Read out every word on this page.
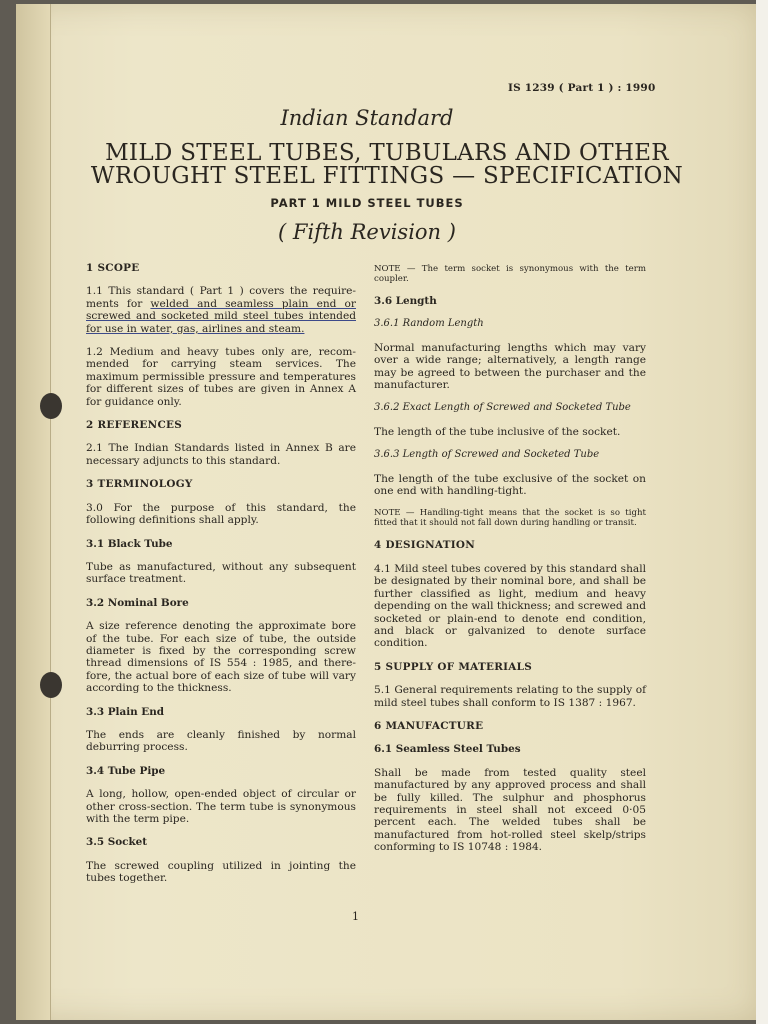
IS 1239 ( Part 1 ) : 1990
Indian Standard
MILD STEEL TUBES, TUBULARS AND OTHER
WROUGHT STEEL FITTINGS — SPECIFICATION
PART 1 MILD STEEL TUBES
( Fifth Revision )
1 SCOPE

1.1 This standard ( Part 1 ) covers the require- ments for welded and seamless plain end or screwed and socketed mild steel tubes intended for use in water, gas, airlines and steam.

1.2 Medium and heavy tubes only are, recom- mended for carrying steam services. The maximum permissible pressure and temperatures for different sizes of tubes are given in Annex A for guidance only.

2 REFERENCES

2.1 The Indian Standards listed in Annex B are necessary adjuncts to this standard.

3 TERMINOLOGY

3.0 For the purpose of this standard, the following definitions shall apply.

3.1 Black Tube

Tube as manufactured, without any subsequent surface treatment.

3.2 Nominal Bore

A size reference denoting the approximate bore of the tube. For each size of tube, the outside diameter is fixed by the corresponding screw thread dimensions of IS 554 : 1985, and there- fore, the actual bore of each size of tube will vary according to the thickness.

3.3 Plain End

The ends are cleanly finished by normal deburring process.

3.4 Tube Pipe

A long, hollow, open-ended object of circular or other cross-section. The term tube is synonymous with the term pipe.

3.5 Socket

The screwed coupling utilized in jointing the tubes together.

NOTE — The term socket is synonymous with the term coupler.
3.6 Length
3.6.1 Random Length

Normal manufacturing lengths which may vary over a wide range; alternatively, a length range may be agreed to between the purchaser and the manufacturer.

3.6.2 Exact Length of Screwed and Socketed Tube

The length of the tube inclusive of the socket.

3.6.3 Length of Screwed and Socketed Tube

The length of the tube exclusive of the socket on one end with handling-tight.

NOTE — Handling-tight means that the socket is so tight fitted that it should not fall down during handling or transit.
4 DESIGNATION

4.1 Mild steel tubes covered by this standard shall be designated by their nominal bore, and shall be further classified as light, medium and heavy depending on the wall thickness; and screwed and socketed or plain-end to denote end condition, and black or galvanized to denote surface condition.

5 SUPPLY OF MATERIALS

5.1 General requirements relating to the supply of mild steel tubes shall conform to IS 1387 : 1967.

6 MANUFACTURE
6.1 Seamless Steel Tubes

Shall be made from tested quality steel manufactured by any approved process and shall be fully killed. The sulphur and phosphorus requirements in steel shall not exceed 0·05 percent each. The welded tubes shall be manufactured from hot-rolled steel skelp/strips conforming to IS 10748 : 1984.

1
